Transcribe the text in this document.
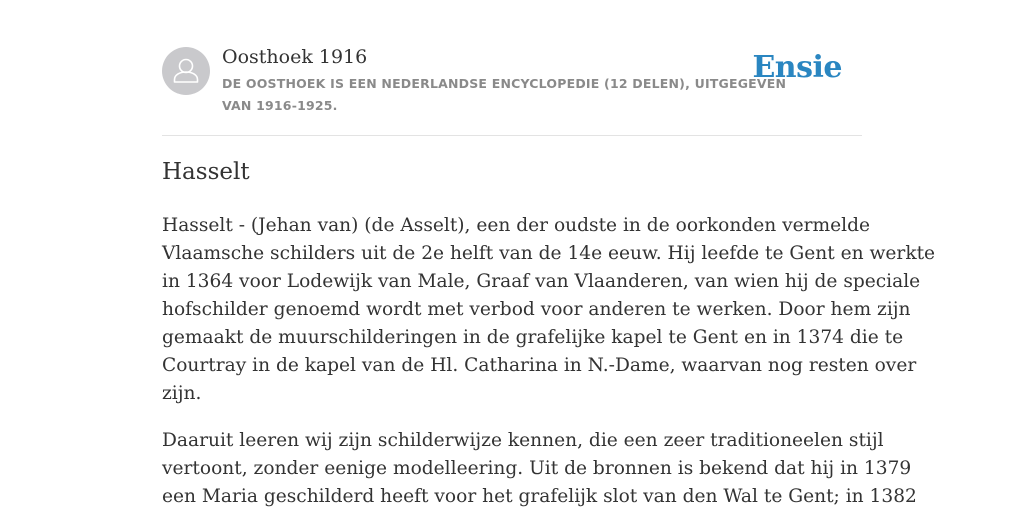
Oosthoek 1916
DE OOSTHOEK IS EEN NEDERLANDSE ENCYCLOPEDIE (12 DELEN), UITGEGEVEN
VAN 1916-1925.
Ensie
Hasselt

Hasselt - (Jehan van) (de Asselt), een der oudste in de oorkonden vermelde
Vlaamsche schilders uit de 2e helft van de 14e eeuw. Hij leefde te Gent en werkte
in 1364 voor Lodewijk van Male, Graaf van Vlaanderen, van wien hij de speciale
hofschilder genoemd wordt met verbod voor anderen te werken. Door hem zijn
gemaakt de muurschilderingen in de grafelijke kapel te Gent en in 1374 die te
Courtray in de kapel van de Hl. Catharina in N.-Dame, waarvan nog resten over
zijn.

Daaruit leeren wij zijn schilderwijze kennen, die een zeer traditioneelen stijl
vertoont, zonder eenige modelleering. Uit de bronnen is bekend dat hij in 1379
een Maria geschilderd heeft voor het grafelijk slot van den Wal te Gent; in 1382
